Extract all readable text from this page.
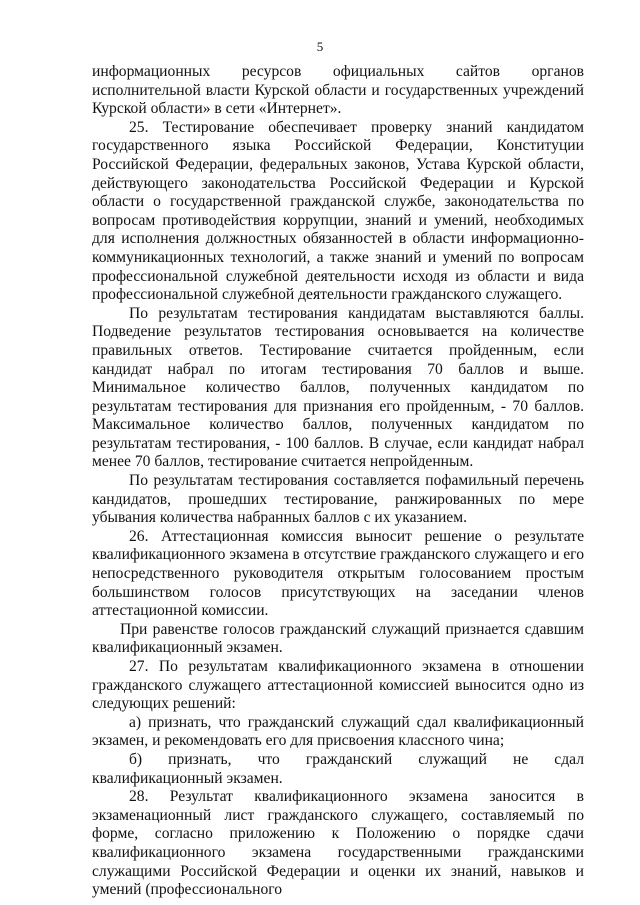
5

информационных ресурсов официальных сайтов органов исполнительной власти Курской области и государственных учреждений Курской области» в сети «Интернет».

25. Тестирование обеспечивает проверку знаний кандидатом государственного языка Российской Федерации, Конституции Российской Федерации, федеральных законов, Устава Курской области, действующего законодательства Российской Федерации и Курской области о государственной гражданской службе, законодательства по вопросам противодействия коррупции, знаний и умений, необходимых для исполнения должностных обязанностей в области информационно-коммуникационных технологий, а также знаний и умений по вопросам профессиональной служебной деятельности исходя из области и вида профессиональной служебной деятельности гражданского служащего.

По результатам тестирования кандидатам выставляются баллы. Подведение результатов тестирования основывается на количестве правильных ответов. Тестирование считается пройденным, если кандидат набрал по итогам тестирования 70 баллов и выше. Минимальное количество баллов, полученных кандидатом по результатам тестирования для признания его пройденным, - 70 баллов. Максимальное количество баллов, полученных кандидатом по результатам тестирования, - 100 баллов. В случае, если кандидат набрал менее 70 баллов, тестирование считается непройденным.

По результатам тестирования составляется пофамильный перечень кандидатов, прошедших тестирование, ранжированных по мере убывания количества набранных баллов с их указанием.

26. Аттестационная комиссия выносит решение о результате квалификационного экзамена в отсутствие гражданского служащего и его непосредственного руководителя открытым голосованием простым большинством голосов присутствующих на заседании членов аттестационной комиссии.

При равенстве голосов гражданский служащий признается сдавшим квалификационный экзамен.

27. По результатам квалификационного экзамена в отношении гражданского служащего аттестационной комиссией выносится одно из следующих решений:

а) признать, что гражданский служащий сдал квалификационный экзамен, и рекомендовать его для присвоения классного чина;

б) признать, что гражданский служащий не сдал квалификационный экзамен.

28. Результат квалификационного экзамена заносится в экзаменационный лист гражданского служащего, составляемый по форме, согласно приложению к Положению о порядке сдачи квалификационного экзамена государственными гражданскими служащими Российской Федерации и оценки их знаний, навыков и умений (профессионального
